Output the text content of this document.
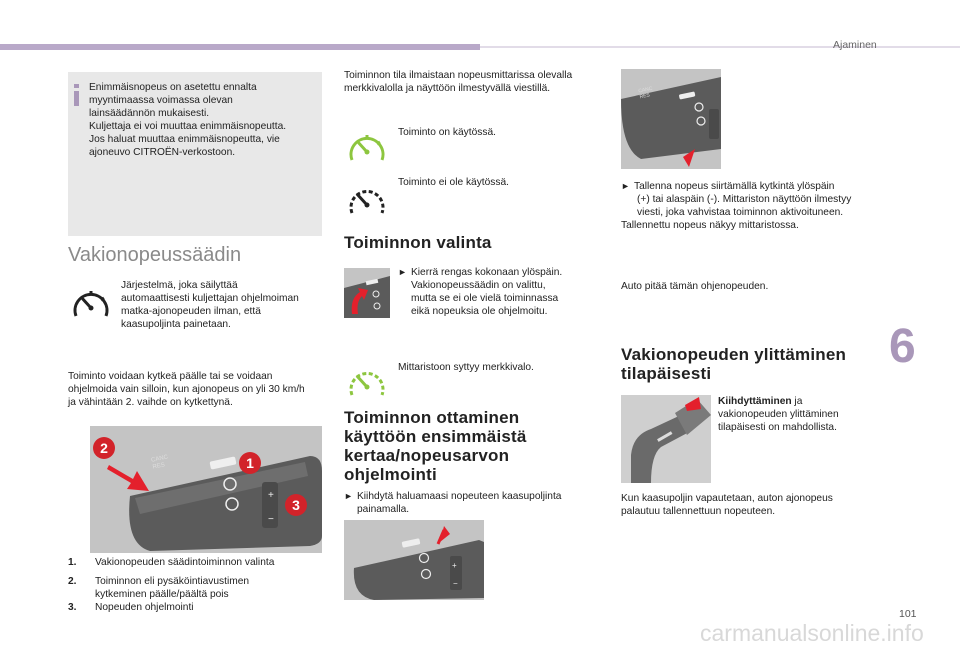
Ajaminen
6

Enimmäisnopeus on asetettu ennalta

myyntimaassa voimassa olevan

lainsäädännön mukaisesti.

Kuljettaja ei voi muuttaa enimmäisnopeutta.

Jos haluat muuttaa enimmäisnopeutta, vie

ajoneuvo CITROËN-verkostoon.

Vakionopeussäädin

Järjestelmä, joka säilyttää

automaattisesti kuljettajan ohjelmoiman

matka-ajonopeuden ilman, että

kaasupoljinta painetaan.

Toiminto voidaan kytkeä päälle tai se voidaan

ohjelmoida vain silloin, kun ajonopeus on yli 30 km/h

ja vähintään 2. vaihde on kytkettynä.

+
−
CANC
RES	1
2
3

1. Vakionopeuden säädintoiminnon valinta

2. Toiminnon eli pysäköintiavustimen

kytkeminen päälle/päältä pois

3. Nopeuden ohjelmointi

Toiminnon tila ilmaistaan nopeusmittarissa olevalla

merkkivalolla ja näyttöön ilmestyvällä viestillä.

Toiminto on käytössä.

Toiminto ei ole käytössä.

Toiminnon valinta

► Kierrä rengas kokonaan ylöspäin.

Vakionopeussäädin on valittu,

mutta se ei ole vielä toiminnassa

eikä nopeuksia ole ohjelmoitu.

Mittaristoon syttyy merkkivalo.

Toiminnon ottaminen
käyttöön ensimmäistä
kertaa/nopeusarvon
ohjelmointi

► Kiihdytä haluamaasi nopeuteen kaasupoljinta

painamalla.

+
−
CANC
RES

► Tallenna nopeus siirtämällä kytkintä ylöspäin

(+) tai alaspäin (-). Mittariston näyttöön ilmestyy

viesti, joka vahvistaa toiminnon aktivoituneen.

Tallennettu nopeus näkyy mittaristossa.

Auto pitää tämän ohjenopeuden.

Vakionopeuden ylittäminen
tilapäisesti

Kiihdyttäminen ja

vakionopeuden ylittäminen

tilapäisesti on mahdollista.

Kun kaasupoljin vapautetaan, auton ajonopeus

palautuu tallennettuun nopeuteen.

101
carmanualsonline.info
